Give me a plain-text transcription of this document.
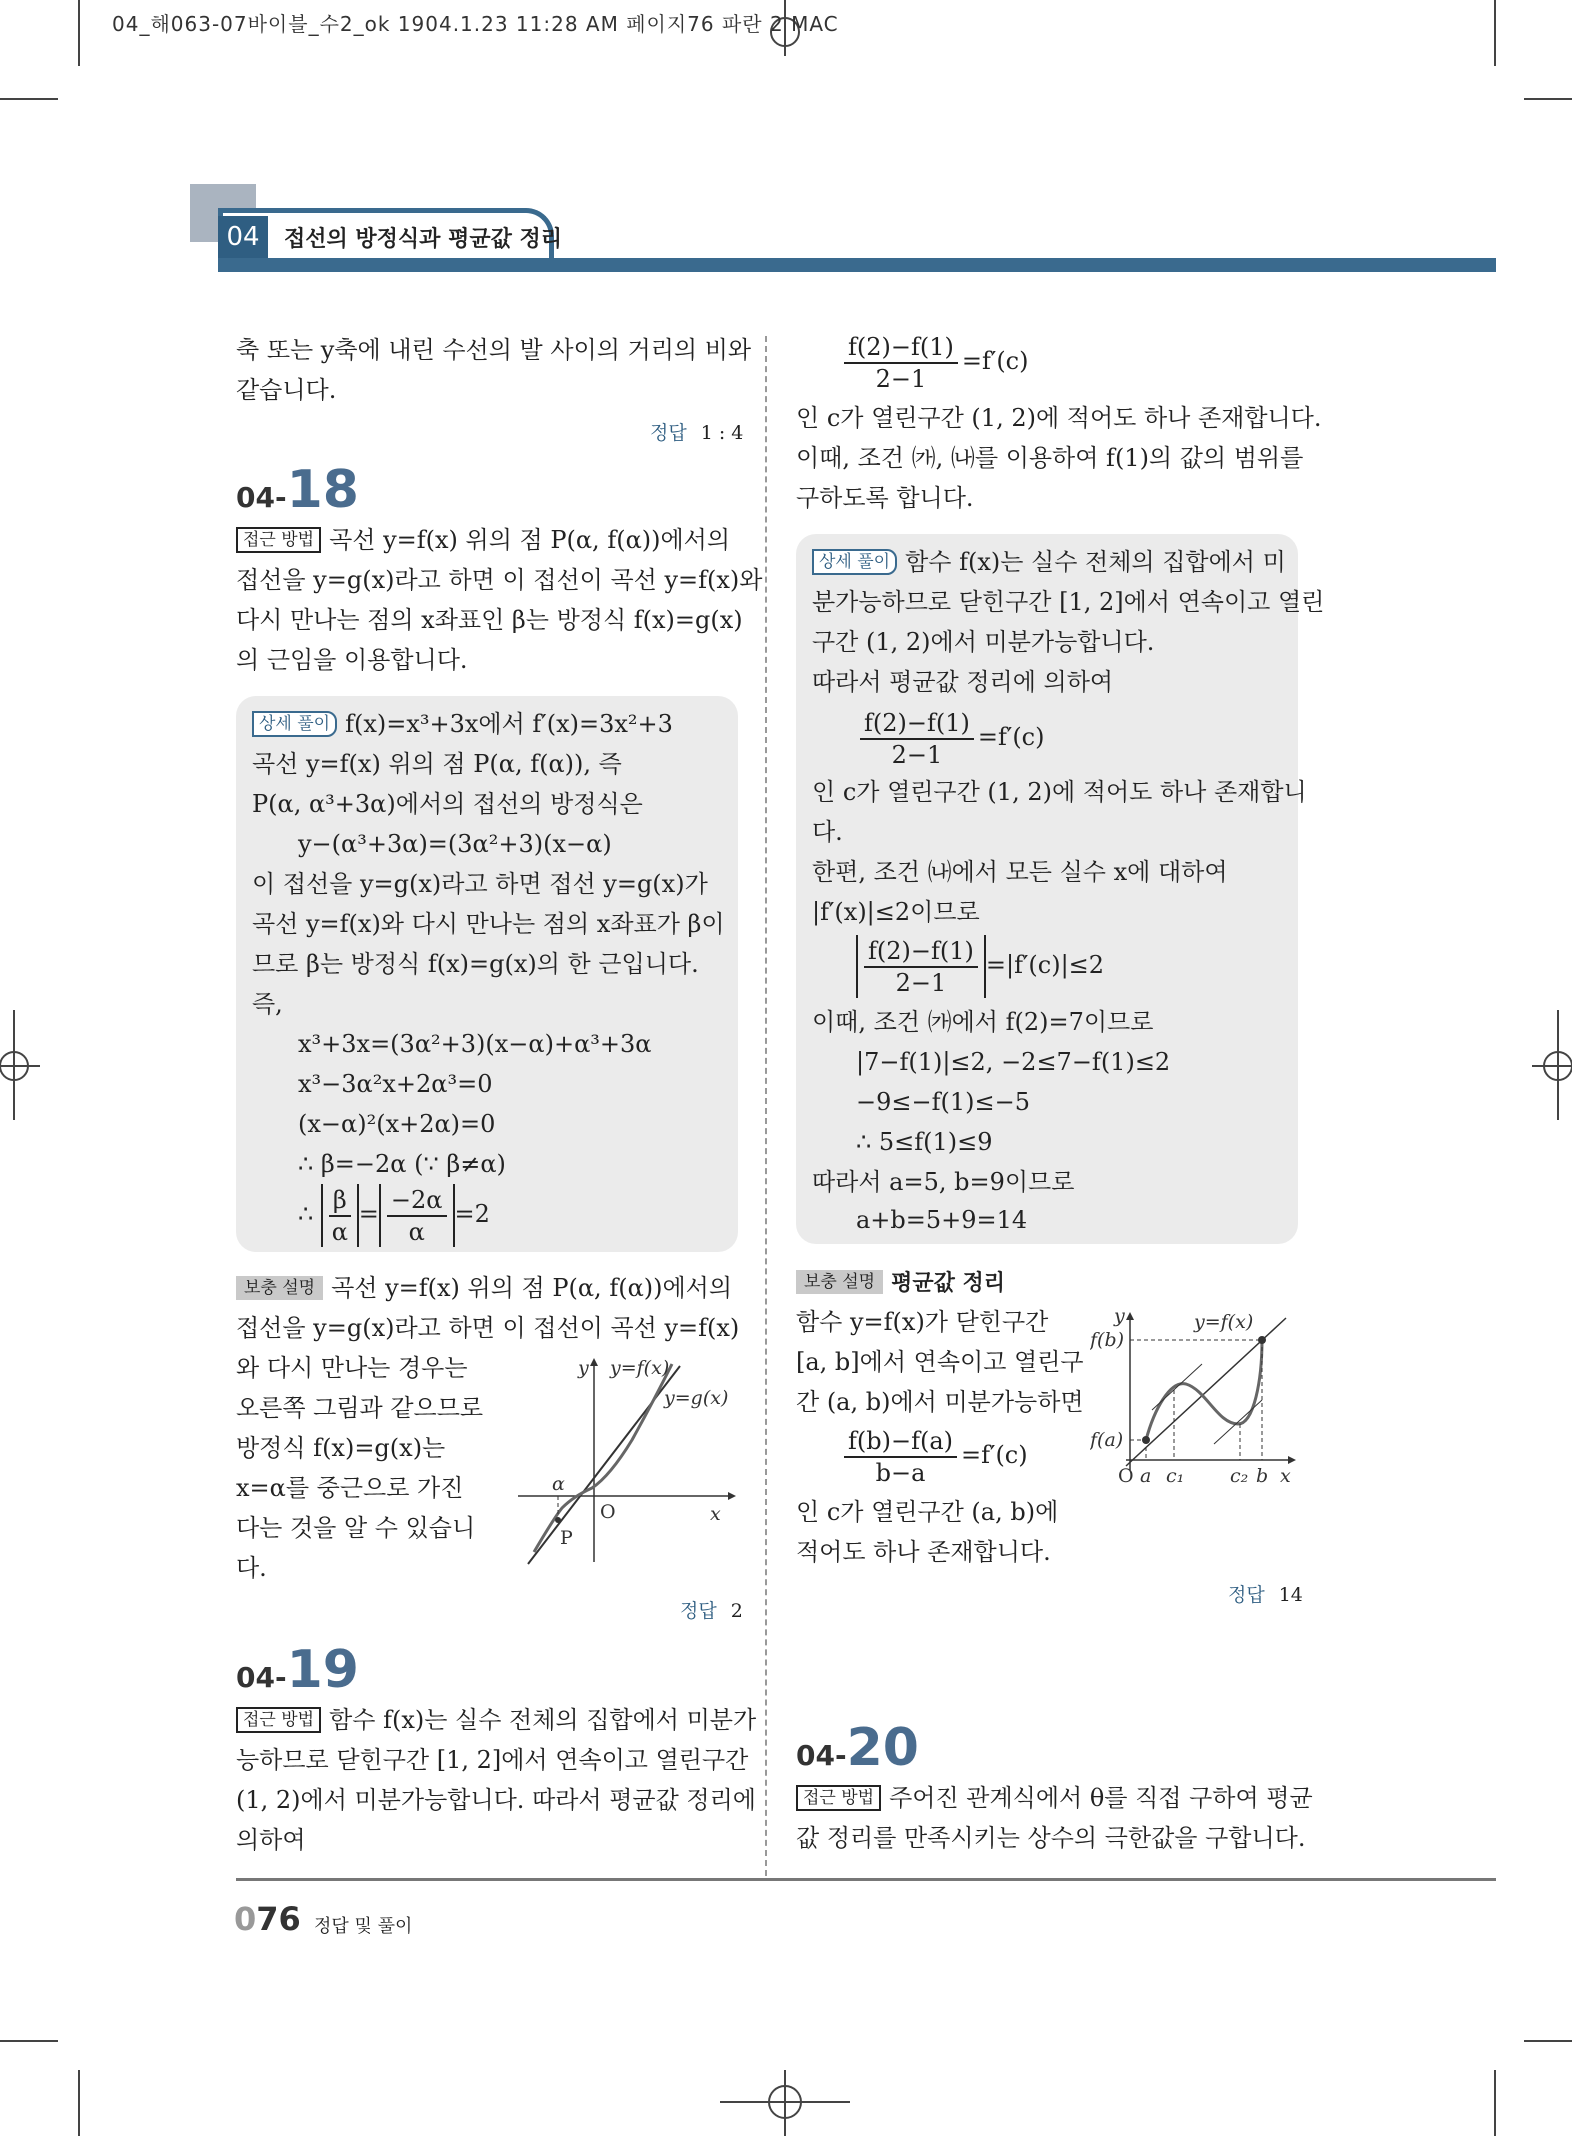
04_해063-07바이블_수2_ok 1904.1.23 11:28 AM 페이지76 파란 2 MAC
04	접선의 방정식과 평균값 정리
축 또는 y축에 내린 수선의 발 사이의 거리의 비와
같습니다.
정답 1 : 4
04-18
접근 방법 곡선 y=f(x) 위의 점 P(α, f(α))에서의
접선을 y=g(x)라고 하면 이 접선이 곡선 y=f(x)와
다시 만나는 점의 x좌표인 β는 방정식 f(x)=g(x)
의 근임을 이용합니다.
상세 풀이 f(x)=x³+3x에서 f′(x)=3x²+3
곡선 y=f(x) 위의 점 P(α, f(α)), 즉
P(α, α³+3α)에서의 접선의 방정식은
y−(α³+3α)=(3α²+3)(x−α)
이 접선을 y=g(x)라고 하면 접선 y=g(x)가
곡선 y=f(x)와 다시 만나는 점의 x좌표가 β이
므로 β는 방정식 f(x)=g(x)의 한 근입니다.
즉,
x³+3x=(3α²+3)(x−α)+α³+3α
x³−3α²x+2α³=0
(x−α)²(x+2α)=0
∴ β=−2α (∵ β≠α)
∴ $\frac{\beta}{\alpha} = \frac{-2\alpha}{\alpha} =2$
보충 설명 곡선 y=f(x) 위의 점 P(α, f(α))에서의
접선을 y=g(x)라고 하면 이 접선이 곡선 y=f(x)
와 다시 만나는 경우는
오른쪽 그림과 같으므로
방정식 f(x)=g(x)는
x=α를 중근으로 가진
다는 것을 알 수 있습니
다.
y
x
O
α
P
y=f(x)
y=g(x)
정답 2
04-19
접근 방법 함수 f(x)는 실수 전체의 집합에서 미분가
능하므로 닫힌구간 [1, 2]에서 연속이고 열린구간
(1, 2)에서 미분가능합니다. 따라서 평균값 정리에
의하여
$\frac{f(2)-f(1)}{2-1} =f'(c)$
인 c가 열린구간 (1, 2)에 적어도 하나 존재합니다.
이때, 조건 ㈎, ㈏를 이용하여 f(1)의 값의 범위를
구하도록 합니다.
상세 풀이 함수 f(x)는 실수 전체의 집합에서 미
분가능하므로 닫힌구간 [1, 2]에서 연속이고 열린
구간 (1, 2)에서 미분가능합니다.
따라서 평균값 정리에 의하여
$\frac{f(2)-f(1)}{2-1} =f'(c)$
인 c가 열린구간 (1, 2)에 적어도 하나 존재합니
다.
한편, 조건 ㈏에서 모든 실수 x에 대하여
|f′(x)|≤2이므로
$\frac{f(2)-f(1)}{2-1} =|f'(c)|\le 2$
이때, 조건 ㈎에서 f(2)=7이므로
|7−f(1)|≤2, −2≤7−f(1)≤2
−9≤−f(1)≤−5
∴ 5≤f(1)≤9
따라서 a=5, b=9이므로
a+b=5+9=14
보충 설명 평균값 정리
함수 y=f(x)가 닫힌구간
[a, b]에서 연속이고 열린구
간 (a, b)에서 미분가능하면
$\frac{f(b)-f(a)}{b-a} =f'(c)$
인 c가 열린구간 (a, b)에
적어도 하나 존재합니다.
y
x
O
y=f(x)
f(b)
f(a)
a c₁ c₂ b
정답 14
04-20
접근 방법 주어진 관계식에서 θ를 직접 구하여 평균
값 정리를 만족시키는 상수의 극한값을 구합니다.
076 정답 및 풀이
